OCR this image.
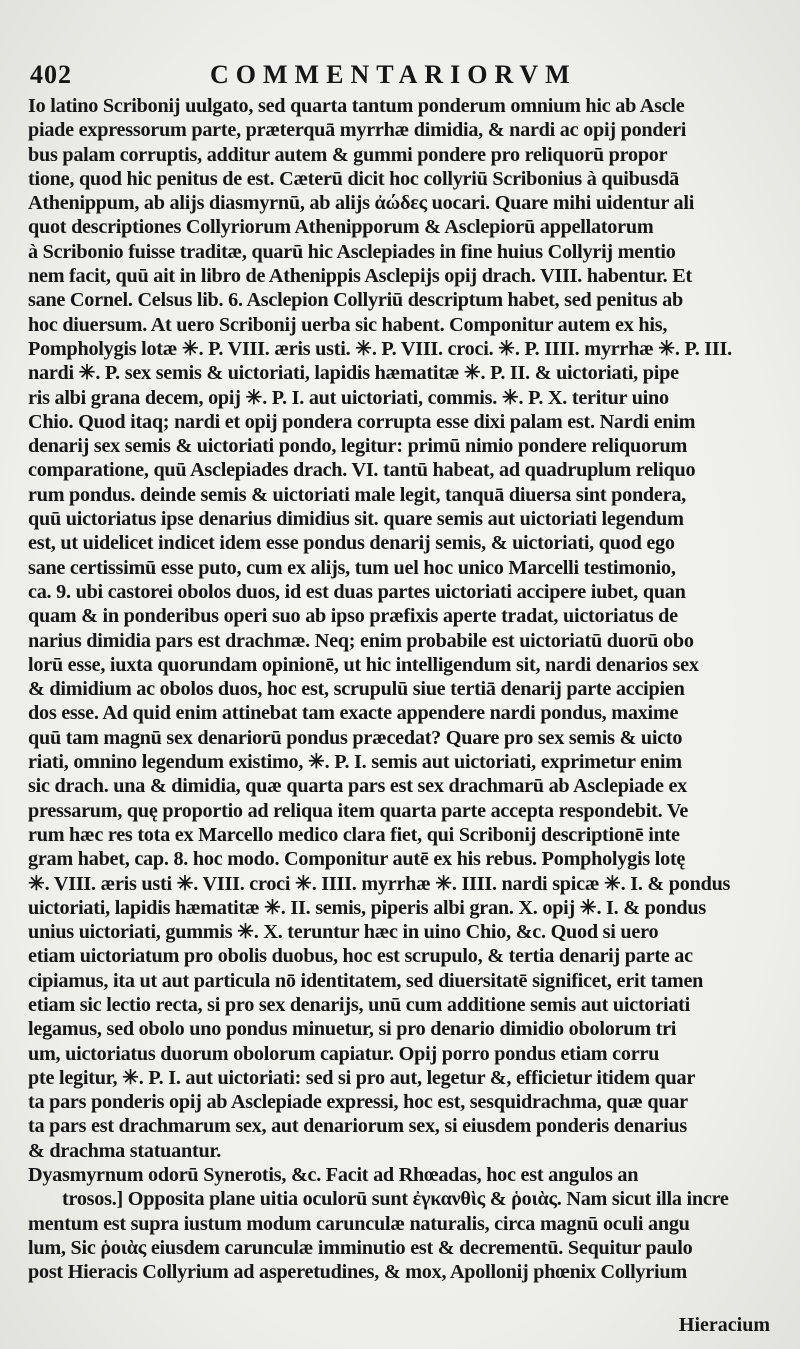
402	COMMENTARIORVM
Io latino Scribonij uulgato, sed quarta tantum ponderum omnium hic ab Ascle
piade expressorum parte, præterquā myrrhæ dimidia, & nardi ac opij ponderi
bus palam corruptis, additur autem & gummi pondere pro reliquorū propor
tione, quod hic penitus de est. Cæterū dicit hoc collyriū Scribonius à quibusdā
Athenippum, ab alijs diasmyrnū, ab alijs ἀώδες uocari. Quare mihi uidentur ali
quot descriptiones Collyriorum Athenipporum & Asclepiorū appellatorum
à Scribonio fuisse traditæ, quarū hic Asclepiades in fine huius Collyrij mentio
nem facit, quū ait in libro de Athenippis Asclepijs opij drach. VIII. habentur. Et
sane Cornel. Celsus lib. 6. Asclepion Collyriū descriptum habet, sed penitus ab
hoc diuersum. At uero Scribonij uerba sic habent. Componitur autem ex his,
Pompholygis lotæ ✳. P. VIII. æris usti. ✳. P. VIII. croci. ✳. P. IIII. myrrhæ ✳. P. III.
nardi ✳. P. sex semis & uictoriati, lapidis hæmatitæ ✳. P. II. & uictoriati, pipe
ris albi grana decem, opij ✳. P. I. aut uictoriati, commis. ✳. P. X. teritur uino
Chio. Quod itaq; nardi et opij pondera corrupta esse dixi palam est. Nardi enim
denarij sex semis & uictoriati pondo, legitur: primū nimio pondere reliquorum
comparatione, quū Asclepiades drach. VI. tantū habeat, ad quadruplum reliquo
rum pondus. deinde semis & uictoriati male legit, tanquā diuersa sint pondera,
quū uictoriatus ipse denarius dimidius sit. quare semis aut uictoriati legendum
est, ut uidelicet indicet idem esse pondus denarij semis, & uictoriati, quod ego
sane certissimū esse puto, cum ex alijs, tum uel hoc unico Marcelli testimonio,
ca. 9. ubi castorei obolos duos, id est duas partes uictoriati accipere iubet, quan
quam & in ponderibus operi suo ab ipso præfixis aperte tradat, uictoriatus de
narius dimidia pars est drachmæ. Neq; enim probabile est uictoriatū duorū obo
lorū esse, iuxta quorundam opinionē, ut hic intelligendum sit, nardi denarios sex
& dimidium ac obolos duos, hoc est, scrupulū siue tertiā denarij parte accipien
dos esse. Ad quid enim attinebat tam exacte appendere nardi pondus, maxime
quū tam magnū sex denariorū pondus præcedat? Quare pro sex semis & uicto
riati, omnino legendum existimo, ✳. P. I. semis aut uictoriati, exprimetur enim
sic drach. una & dimidia, quæ quarta pars est sex drachmarū ab Asclepiade ex
pressarum, quę proportio ad reliqua item quarta parte accepta respondebit. Ve
rum hæc res tota ex Marcello medico clara fiet, qui Scribonij descriptionē inte
gram habet, cap. 8. hoc modo. Componitur autē ex his rebus. Pompholygis lotę
✳. VIII. æris usti ✳. VIII. croci ✳. IIII. myrrhæ ✳. IIII. nardi spicæ ✳. I. & pondus
uictoriati, lapidis hæmatitæ ✳. II. semis, piperis albi gran. X. opij ✳. I. & pondus
unius uictoriati, gummis ✳. X. teruntur hæc in uino Chio, &c. Quod si uero
etiam uictoriatum pro obolis duobus, hoc est scrupulo, & tertia denarij parte ac
cipiamus, ita ut aut particula nō identitatem, sed diuersitatē significet, erit tamen
etiam sic lectio recta, si pro sex denarijs, unū cum additione semis aut uictoriati
legamus, sed obolo uno pondus minuetur, si pro denario dimidio obolorum tri
um, uictoriatus duorum obolorum capiatur. Opij porro pondus etiam corru
pte legitur, ✳. P. I. aut uictoriati: sed si pro aut, legetur &, efficietur itidem quar
ta pars ponderis opij ab Asclepiade expressi, hoc est, sesquidrachma, quæ quar
ta pars est drachmarum sex, aut denariorum sex, si eiusdem ponderis denarius
& drachma statuantur.
Dyasmyrnum odorū Synerotis, &c. Facit ad Rhœadas, hoc est angulos an
trosos.] Opposita plane uitia oculorū sunt ἐγκανθὶς & ῥοιὰς. Nam sicut illa incre
mentum est supra iustum modum carunculæ naturalis, circa magnū oculi angu
lum, Sic ῥοιὰς eiusdem carunculæ imminutio est & decrementū. Sequitur paulo
post Hieracis Collyrium ad asperetudines, & mox, Apollonij phœnix Collyrium
Hieracium
